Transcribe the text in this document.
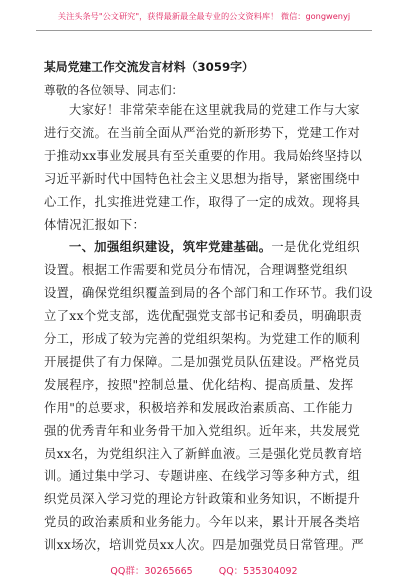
关注头条号"公文研究"，获得最新最全最专业的公文资料库！ 微信：gongwenyj
某局党建工作交流发言材料（3059字）
尊敬的各位领导、同志们：
大家好！非常荣幸能在这里就我局的党建工作与大家
进行交流。在当前全面从严治党的新形势下，党建工作对
于推动xx事业发展具有至关重要的作用。我局始终坚持以
习近平新时代中国特色社会主义思想为指导，紧密围绕中
心工作，扎实推进党建工作，取得了一定的成效。现将具
体情况汇报如下：
一、加强组织建设，筑牢党建基础。一是优化党组织
设置。根据工作需要和党员分布情况，合理调整党组织
设置，确保党组织覆盖到局的各个部门和工作环节。我们设
立了xx个党支部，选优配强党支部书记和委员，明确职责
分工，形成了较为完善的党组织架构。为党建工作的顺利
开展提供了有力保障。二是加强党员队伍建设。严格党员
发展程序，按照"控制总量、优化结构、提高质量、发挥
作用"的总要求，积极培养和发展政治素质高、工作能力
强的优秀青年和业务骨干加入党组织。近年来，共发展党
员xx名，为党组织注入了新鲜血液。三是强化党员教育培
训。通过集中学习、专题讲座、在线学习等多种方式，组
织党员深入学习党的理论方针政策和业务知识，不断提升
党员的政治素质和业务能力。今年以来，累计开展各类培
训xx场次，培训党员xx人次。四是加强党员日常管理。严
QQ群：30265665	QQ：535304092
